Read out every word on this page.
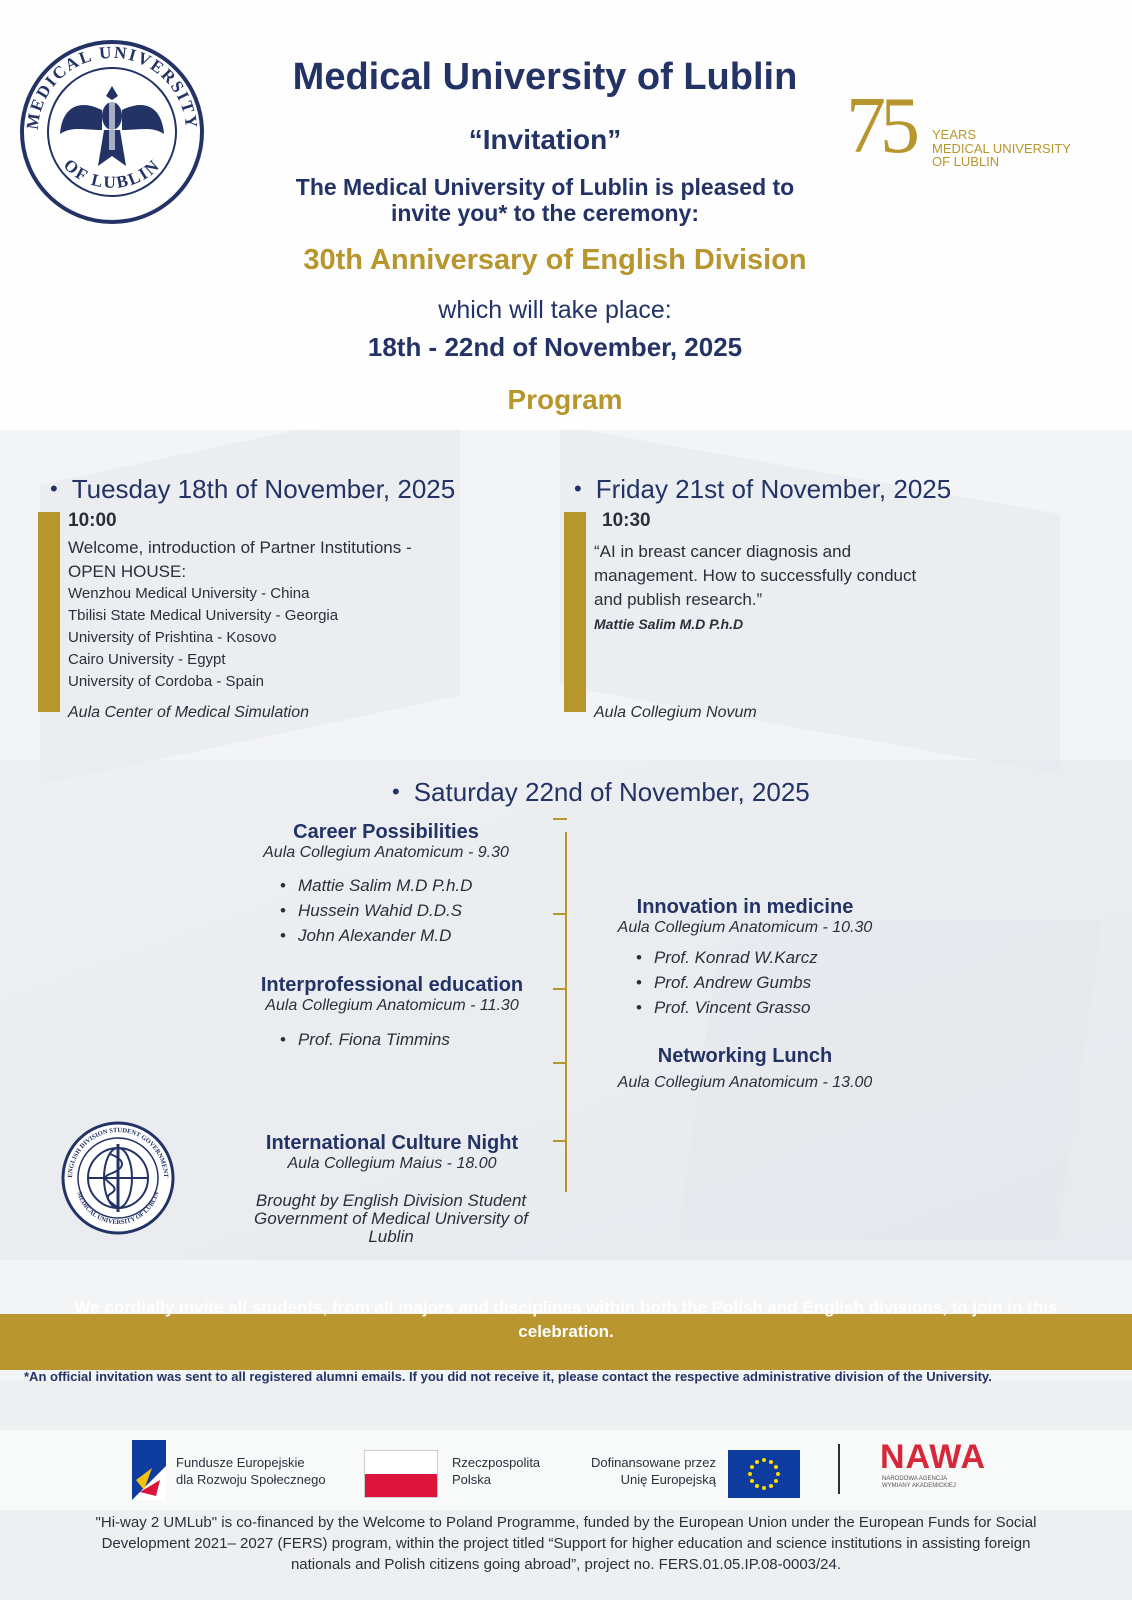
MEDICAL UNIVERSITY
OF LUBLIN	75 YEARS
MEDICAL UNIVERSITY
OF LUBLIN
Medical University of Lublin
“Invitation”
The Medical University of Lublin is pleased to
invite you* to the ceremony:
30th Anniversary of English Division
which will take place:
18th - 22nd of November, 2025
Program
• Tuesday 18th of November, 2025
10:00
Welcome, introduction of Partner Institutions -
OPEN HOUSE:
Wenzhou Medical University - China
Tbilisi State Medical University - Georgia
University of Prishtina - Kosovo
Cairo University - Egypt
University of Cordoba - Spain
Aula Center of Medical Simulation
• Friday 21st of November, 2025
10:30
“AI in breast cancer diagnosis and
management. How to successfully conduct
and publish research.”
Mattie Salim M.D P.h.D
Aula Collegium Novum
• Saturday 22nd of November, 2025
Career Possibilities
Aula Collegium Anatomicum - 9.30
• Mattie Salim M.D P.h.D
• Hussein Wahid D.D.S
• John Alexander M.D
Interprofessional education
Aula Collegium Anatomicum - 11.30
• Prof. Fiona Timmins
International Culture Night
Aula Collegium Maius - 18.00
Brought by English Division Student
Government of Medical University of
Lublin
Innovation in medicine
Aula Collegium Anatomicum - 10.30
• Prof. Konrad W.Karcz
• Prof. Andrew Gumbs
• Prof. Vincent Grasso
Networking Lunch
Aula Collegium Anatomicum - 13.00
ENGLISH DIVISION STUDENT GOVERNMENT
MEDICAL UNIVERSITY OF LUBLIN
We cordially invite all students, from all majors and disciplines within both the Polish and English divisions, to join in this
celebration.
*An official invitation was sent to all registered alumni emails. If you did not receive it, please contact the respective administrative division of the University.
Fundusze Europejskie
dla Rozwoju Społecznego
Rzeczpospolita
Polska
Dofinansowane przez
Unię Europejską
NAWA
NARODOWA AGENCJA
WYMIANY AKADEMICKIEJ
"Hi-way 2 UMLub" is co-financed by the Welcome to Poland Programme, funded by the European Union under the European Funds for Social
Development 2021– 2027 (FERS) program, within the project titled “Support for higher education and science institutions in assisting foreign
nationals and Polish citizens going abroad”, project no. FERS.01.05.IP.08-0003/24.
